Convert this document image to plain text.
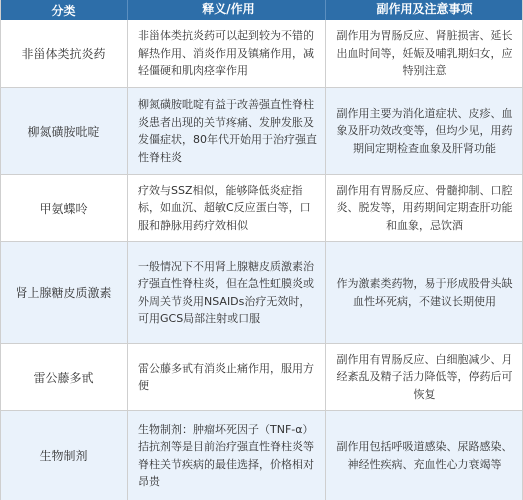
分类	释义/作用	副作用及注意事项
非甾体类抗炎药
非甾体类抗炎药可以起到较为不错的解热作用、消炎作用及镇痛作用，减轻僵硬和肌肉痉挛作用
副作用为胃肠反应、肾脏损害、延长出血时间等，妊娠及哺乳期妇女，应特别注意
柳氮磺胺吡啶
柳氮磺胺吡啶有益于改善强直性脊柱炎患者出现的关节疼痛、发肿发胀及发僵症状，80年代开始用于治疗强直性脊柱炎
副作用主要为消化道症状、皮疹、血象及肝功效改变等，但均少见，用药期间定期检查血象及肝肾功能
甲氨蝶呤
疗效与SSZ相似，能够降低炎症指标，如血沉、超敏C反应蛋白等，口服和静脉用药疗效相似
副作用有胃肠反应、骨髓抑制、口腔炎、脱发等，用药期间定期查肝功能和血象，忌饮酒
肾上腺糖皮质激素
一般情况下不用肾上腺糖皮质激素治疗强直性脊柱炎，但在急性虹膜炎或外周关节炎用NSAIDs治疗无效时，可用GCS局部注射或口服
作为激素类药物，易于形成股骨头缺血性坏死病，不建议长期使用
雷公藤多甙
雷公藤多甙有消炎止痛作用，服用方便
副作用有胃肠反应、白细胞减少、月经紊乱及精子活力降低等，停药后可恢复
生物制剂
生物制剂：肿瘤坏死因子（TNF-α）拮抗剂等是目前治疗强直性脊柱炎等脊柱关节疾病的最佳选择，价格相对昂贵
副作用包括呼吸道感染、尿路感染、神经性疾病、充血性心力衰竭等
